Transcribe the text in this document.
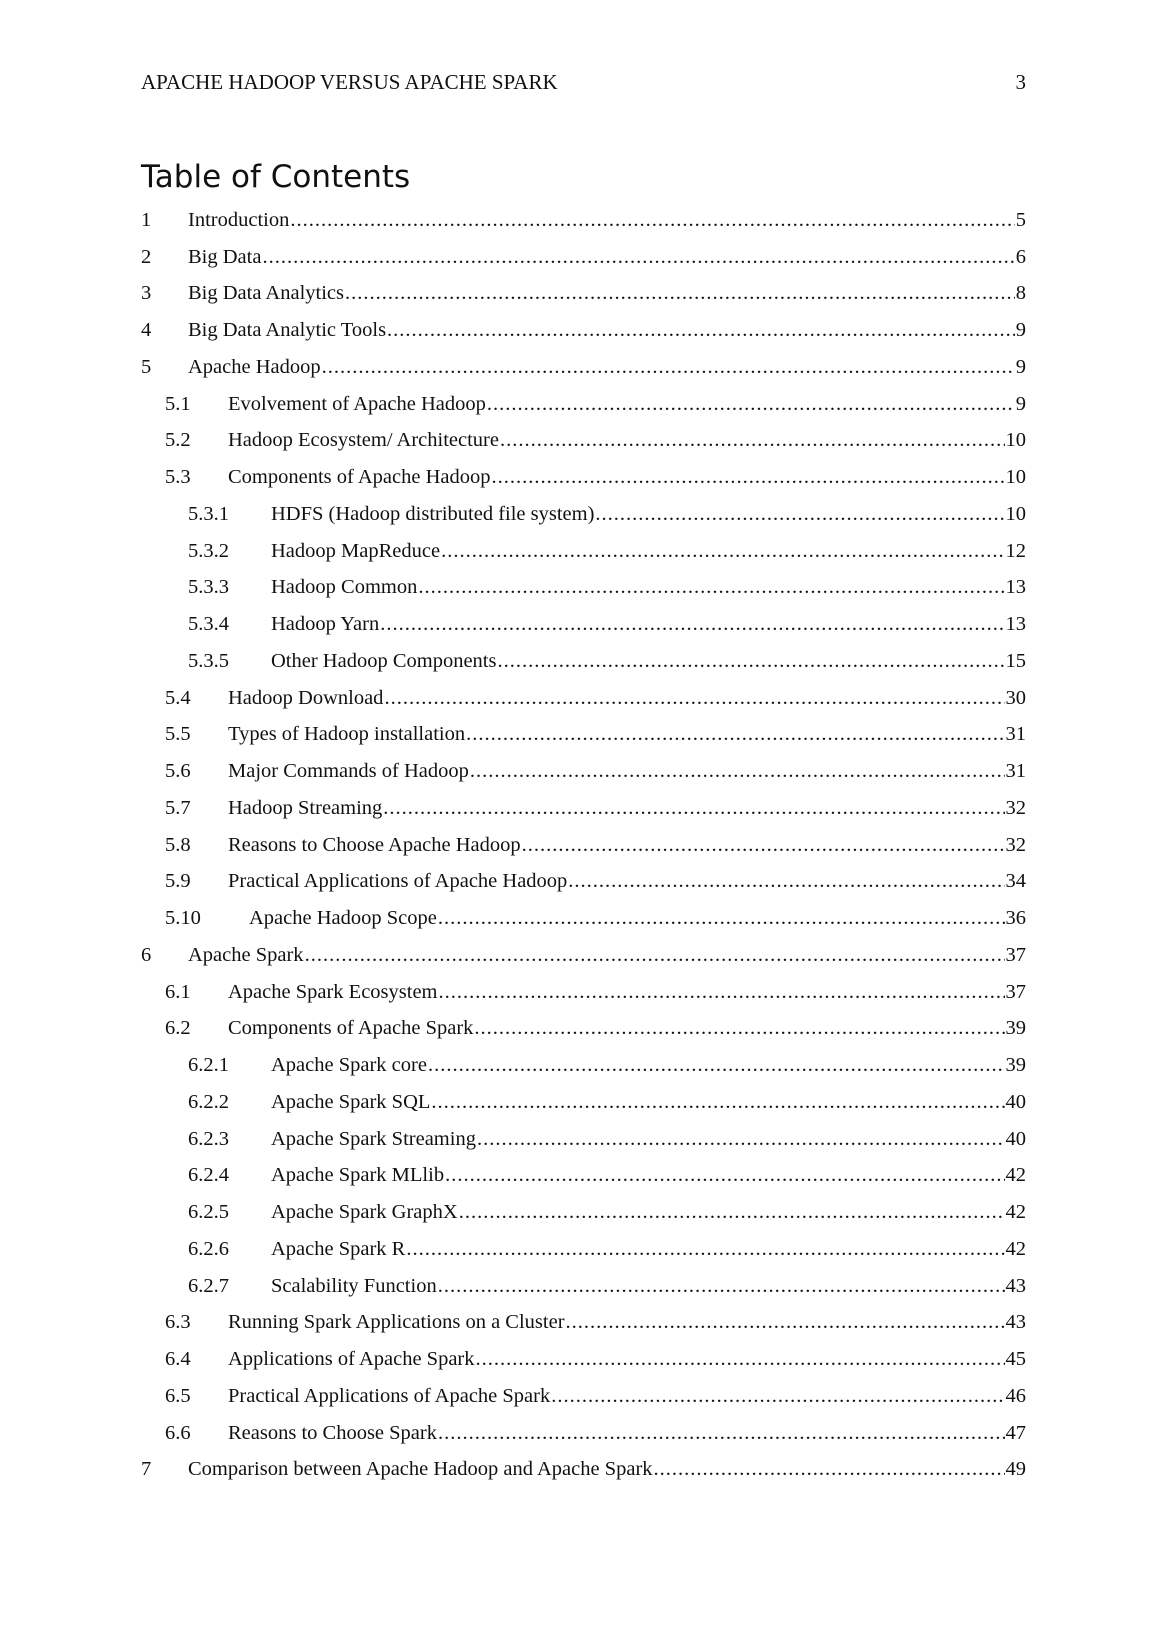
APACHE HADOOP VERSUS APACHE SPARK	3
Table of Contents
1	Introduction .....	5
2	Big Data .....	6
3	Big Data Analytics .....	8
4	Big Data Analytic Tools .....	9
5	Apache Hadoop .....	9
5.1	Evolvement of Apache Hadoop .....	9
5.2	Hadoop Ecosystem/ Architecture .....	10
5.3	Components of Apache Hadoop .....	10
5.3.1	HDFS (Hadoop distributed file system) .....	10
5.3.2	Hadoop MapReduce .....	12
5.3.3	Hadoop Common .....	13
5.3.4	Hadoop Yarn .....	13
5.3.5	Other Hadoop Components .....	15
5.4	Hadoop Download .....	30
5.5	Types of Hadoop installation .....	31
5.6	Major Commands of Hadoop .....	31
5.7	Hadoop Streaming .....	32
5.8	Reasons to Choose Apache Hadoop .....	32
5.9	Practical Applications of Apache Hadoop .....	34
5.10	Apache Hadoop Scope .....	36
6	Apache Spark .....	37
6.1	Apache Spark Ecosystem .....	37
6.2	Components of Apache Spark .....	39
6.2.1	Apache Spark core .....	39
6.2.2	Apache Spark SQL .....	40
6.2.3	Apache Spark Streaming .....	40
6.2.4	Apache Spark MLlib .....	42
6.2.5	Apache Spark GraphX .....	42
6.2.6	Apache Spark R .....	42
6.2.7	Scalability Function .....	43
6.3	Running Spark Applications on a Cluster .....	43
6.4	Applications of Apache Spark .....	45
6.5	Practical Applications of Apache Spark .....	46
6.6	Reasons to Choose Spark .....	47
7	Comparison between Apache Hadoop and Apache Spark .....	49
